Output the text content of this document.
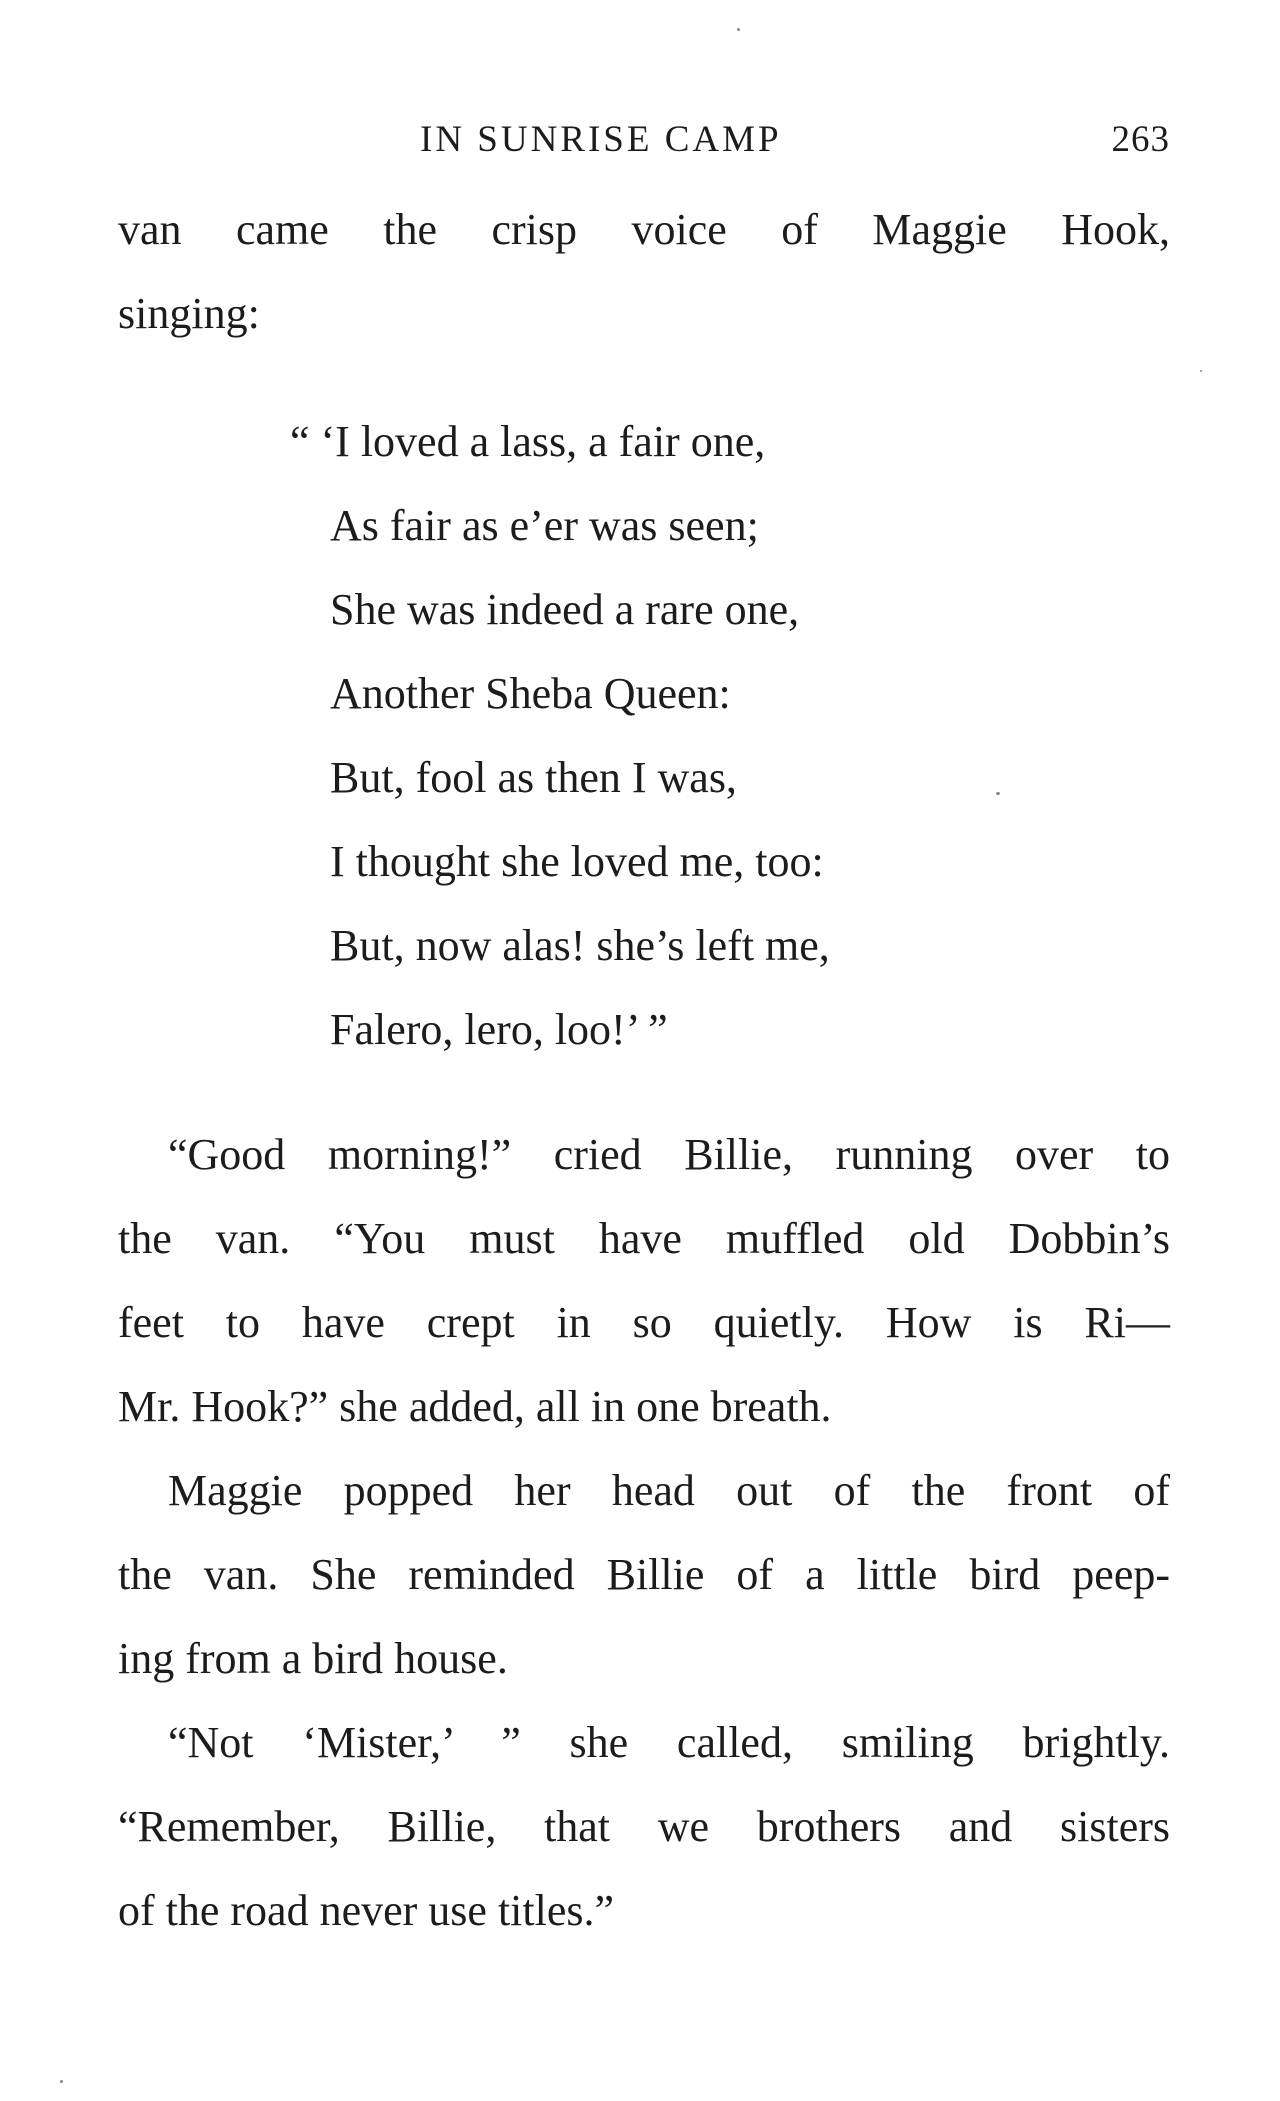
IN SUNRISE CAMP	263
van came the crisp voice of Maggie Hook,
singing:
“ ‘I loved a lass, a fair one,
As fair as e’er was seen;
She was indeed a rare one,
Another Sheba Queen:
But, fool as then I was,
I thought she loved me, too:
But, now alas! she’s left me,
Falero, lero, loo!’ ”
“Good morning!” cried Billie, running over to
the van. “You must have muffled old Dobbin’s
feet to have crept in so quietly. How is Ri—
Mr. Hook?” she added, all in one breath.
Maggie popped her head out of the front of
the van. She reminded Billie of a little bird peep-
ing from a bird house.
“Not ‘Mister,’ ” she called, smiling brightly.
“Remember, Billie, that we brothers and sisters
of the road never use titles.”
